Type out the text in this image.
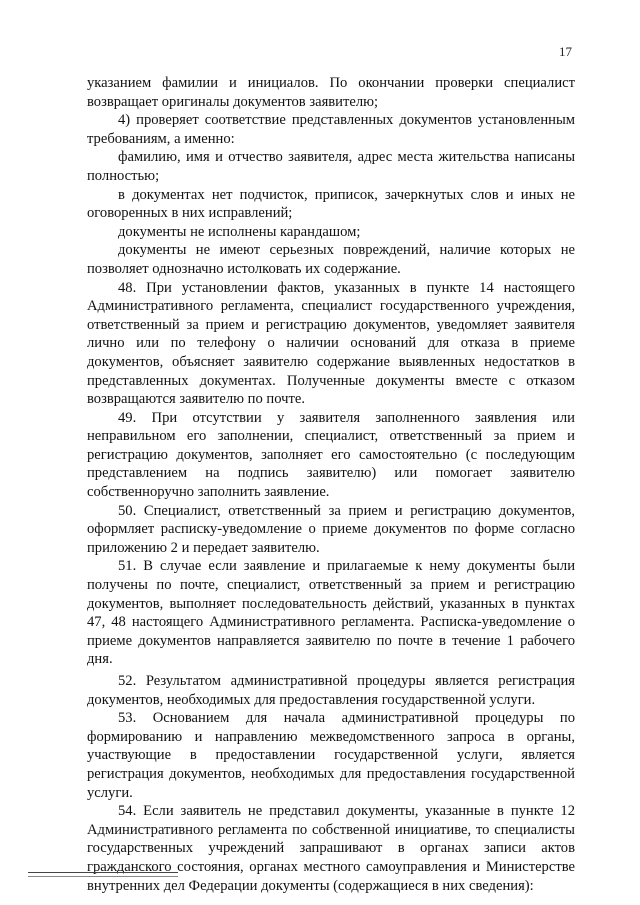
17

указанием фамилии и инициалов. По окончании проверки специалист возвращает оригиналы документов заявителю;

4) проверяет соответствие представленных документов установленным требованиям, а именно:

фамилию, имя и отчество заявителя, адрес места жительства написаны полностью;

в документах нет подчисток, приписок, зачеркнутых слов и иных не оговоренных в них исправлений;

документы не исполнены карандашом;

документы не имеют серьезных повреждений, наличие которых не позволяет однозначно истолковать их содержание.

48. При установлении фактов, указанных в пункте 14 настоящего Административного регламента, специалист государственного учреждения, ответственный за прием и регистрацию документов, уведомляет заявителя лично или по телефону о наличии оснований для отказа в приеме документов, объясняет заявителю содержание выявленных недостатков в представленных документах. Полученные документы вместе с отказом возвращаются заявителю по почте.

49. При отсутствии у заявителя заполненного заявления или неправильном его заполнении, специалист, ответственный за прием и регистрацию документов, заполняет его самостоятельно (с последующим представлением на подпись заявителю) или помогает заявителю собственноручно заполнить заявление.

50. Специалист, ответственный за прием и регистрацию документов, оформляет расписку-уведомление о приеме документов по форме согласно приложению 2 и передает заявителю.

51. В случае если заявление и прилагаемые к нему документы были получены по почте, специалист, ответственный за прием и регистрацию документов, выполняет последовательность действий, указанных в пунктах 47, 48 настоящего Административного регламента. Расписка-уведомление о приеме документов направляется заявителю по почте в течение 1 рабочего дня.

52. Результатом административной процедуры является регистрация документов, необходимых для предоставления государственной услуги.

53. Основанием для начала административной процедуры по формированию и направлению межведомственного запроса в органы, участвующие в предоставлении государственной услуги, является регистрация документов, необходимых для предоставления государственной услуги.

54. Если заявитель не представил документы, указанные в пункте 12 Административного регламента по собственной инициативе, то специалисты государственных учреждений запрашивают в органах записи актов гражданского состояния, органах местного самоуправления и Министерстве внутренних дел Федерации документы (содержащиеся в них сведения):
